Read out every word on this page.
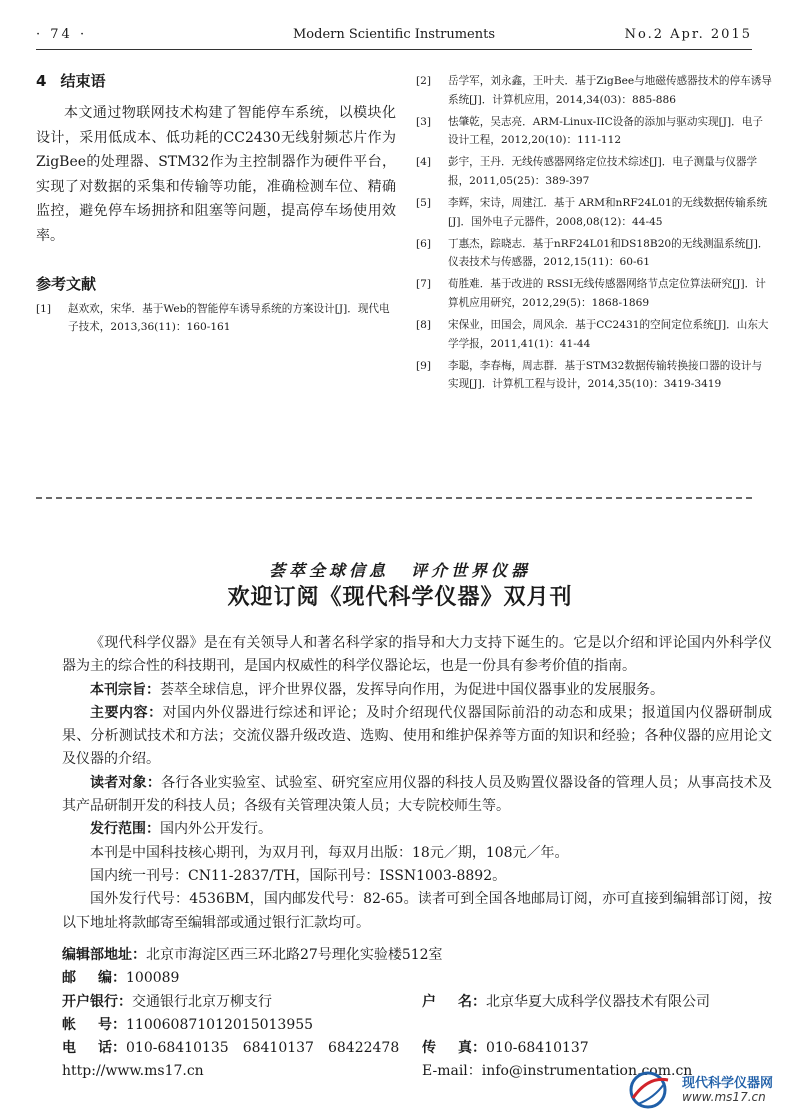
· 74 ·	Modern Scientific Instruments	No.2 Apr. 2015
4 结束语

本文通过物联网技术构建了智能停车系统，以模块化设计，采用低成本、低功耗的CC2430无线射频芯片作为ZigBee的处理器、STM32作为主控制器作为硬件平台，实现了对数据的采集和传输等功能，准确检测车位、精确监控，避免停车场拥挤和阻塞等问题，提高停车场使用效率。

参考文献
[1] 赵欢欢，宋华．基于Web的智能停车诱导系统的方案设计[J]．现代电子技术，2013,36(11)：160-161
[2] 岳学军，刘永鑫，王叶夫．基于ZigBee与地磁传感器技术的停车诱导系统[J]．计算机应用，2014,34(03)：885-886
[3] 怯肇乾，吴志亮．ARM-Linux-IIC设备的添加与驱动实现[J]．电子设计工程，2012,20(10)：111-112
[4] 彭宇，王丹．无线传感器网络定位技术综述[J]．电子测量与仪器学报，2011,05(25)：389-397
[5] 李辉，宋诗，周建江．基于 ARM和nRF24L01的无线数据传输系统[J]．国外电子元器件，2008,08(12)：44-45
[6] 丁惠杰，踪晓志．基于nRF24L01和DS18B20的无线测温系统[J]．仪表技术与传感器，2012,15(11)：60-61
[7] 荀胜难．基于改进的 RSSI无线传感器网络节点定位算法研究[J]．计算机应用研究，2012,29(5)：1868-1869
[8] 宋保业，田国会，周风余．基于CC2431的空间定位系统[J]．山东大学学报，2011,41(1)：41-44
[9] 李聪，李春梅，周志群．基于STM32数据传输转换接口器的设计与实现[J]．计算机工程与设计，2014,35(10)：3419-3419
荟萃全球信息 评介世界仪器
欢迎订阅《现代科学仪器》双月刊

《现代科学仪器》是在有关领导人和著名科学家的指导和大力支持下诞生的。它是以介绍和评论国内外科学仪器为主的综合性的科技期刊，是国内权威性的科学仪器论坛，也是一份具有参考价值的指南。

本刊宗旨：荟萃全球信息，评介世界仪器，发挥导向作用，为促进中国仪器事业的发展服务。

主要内容：对国内外仪器进行综述和评论；及时介绍现代仪器国际前沿的动态和成果；报道国内仪器研制成果、分析测试技术和方法；交流仪器升级改造、选购、使用和维护保养等方面的知识和经验；各种仪器的应用论文及仪器的介绍。

读者对象：各行各业实验室、试验室、研究室应用仪器的科技人员及购置仪器设备的管理人员；从事高技术及其产品研制开发的科技人员；各级有关管理决策人员；大专院校师生等。

发行范围：国内外公开发行。

本刊是中国科技核心期刊，为双月刊，每双月出版：18元／期，108元／年。

国内统一刊号：CN11-2837/TH，国际刊号：ISSN1003-8892。

国外发行代号：4536BM，国内邮发代号：82-65。读者可到全国各地邮局订阅，亦可直接到编辑部订阅，按以下地址将款邮寄至编辑部或通过银行汇款均可。

编辑部地址：北京市海淀区西三环北路27号理化实验楼512室
邮编：100089
开户银行：交通银行北京万柳支行	户名：北京华夏大成科学仪器技术有限公司
帐号：110060871012015013955
电话：010-68410135　68410137　68422478 传真：010-68410137
http://www.ms17.cn	E-mail：info@instrumentation.com.cn
现代科学仪器网
www.ms17.cn
